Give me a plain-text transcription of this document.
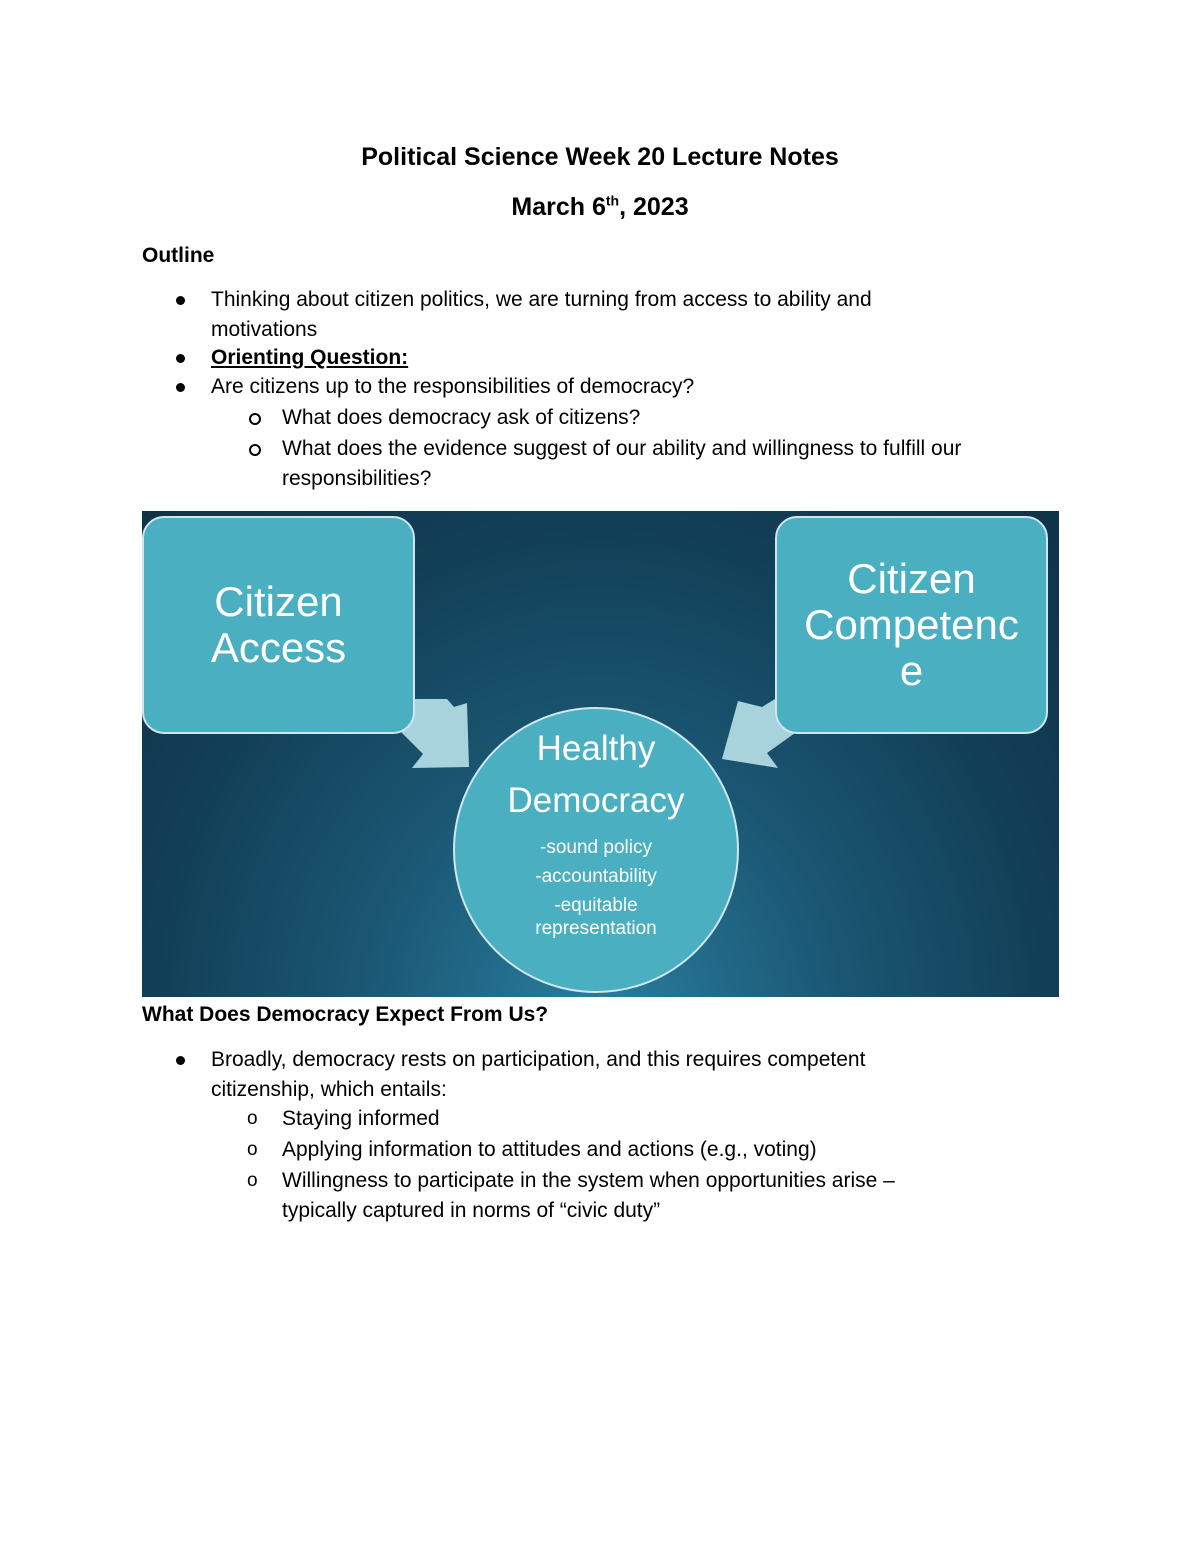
Political Science Week 20 Lecture Notes
March 6th, 2023
Outline
Thinking about citizen politics, we are turning from access to ability and
motivations
Orienting Question:
Are citizens up to the responsibilities of democracy?
What does democracy ask of citizens?
What does the evidence suggest of our ability and willingness to fulfill our
responsibilities?
Citizen
Access
Citizen
Competenc
e
Healthy
Democracy
-sound policy
-accountability
-equitable
representation
What Does Democracy Expect From Us?
Broadly, democracy rests on participation, and this requires competent
citizenship, which entails:
o Staying informed
o Applying information to attitudes and actions (e.g., voting)
o Willingness to participate in the system when opportunities arise –
typically captured in norms of “civic duty”
